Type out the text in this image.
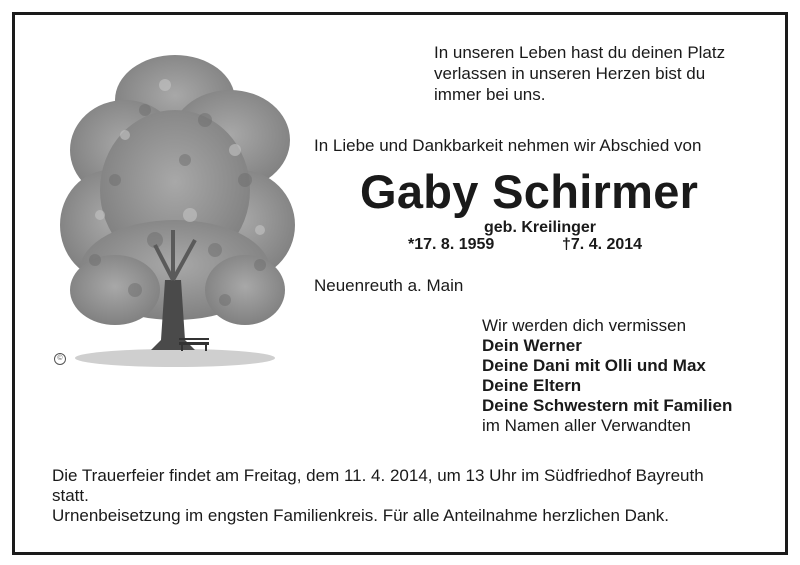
©
In unseren Leben hast du deinen Platz
verlassen in unseren Herzen bist du
immer bei uns.
In Liebe und Dankbarkeit nehmen wir Abschied von
Gaby Schirmer
geb. Kreilinger
*17. 8. 1959	†7. 4. 2014
Neuenreuth a. Main
Wir werden dich vermissen
Dein Werner
Deine Dani mit Olli und Max
Deine Eltern
Deine Schwestern mit Familien
im Namen aller Verwandten
Die Trauerfeier findet am Freitag, dem 11. 4. 2014, um 13 Uhr im Südfriedhof Bayreuth
statt.
Urnenbeisetzung im engsten Familienkreis. Für alle Anteilnahme herzlichen Dank.
